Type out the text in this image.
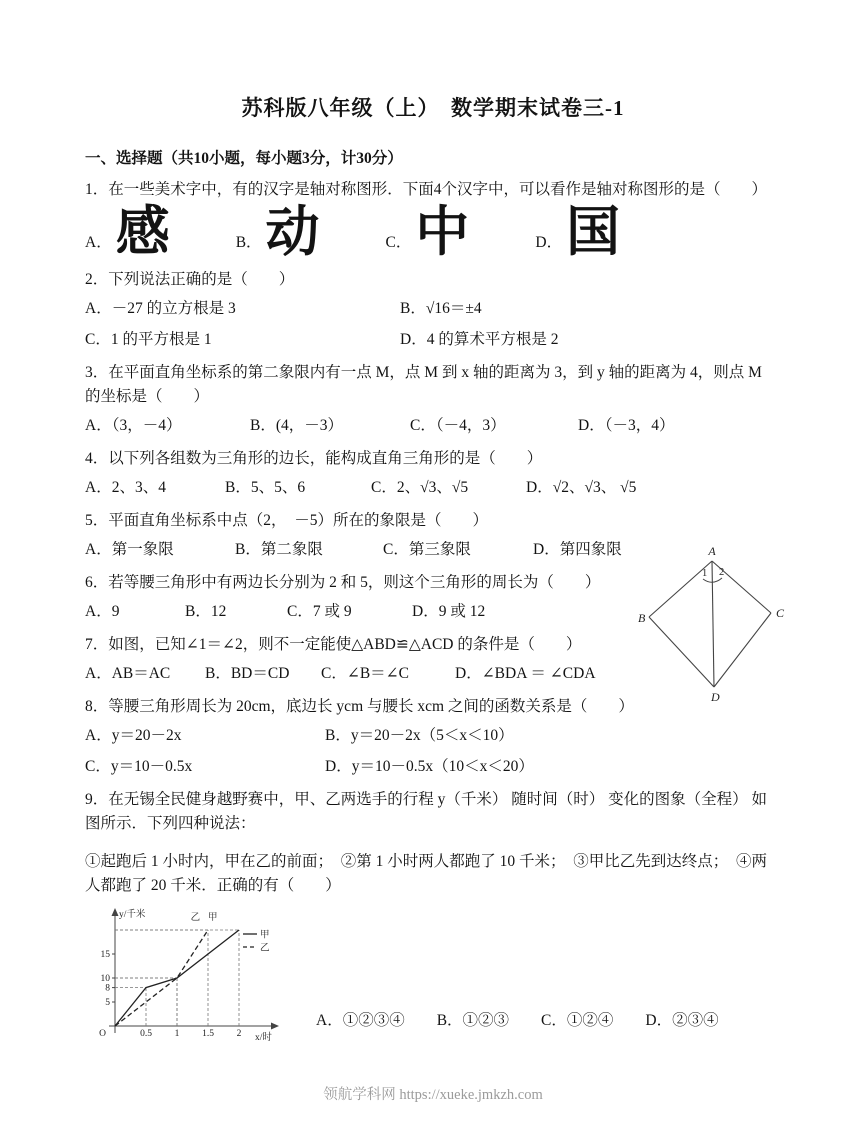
苏科版八年级（上）　数学期末试卷三-1
一、选择题（共10小题，每小题3分，计30分）

1．在一些美术字中，有的汉字是轴对称图形．下面4个汉字中，可以看作是轴对称图形的是（　　）

A． 感	B． 动	C． 中	D． 国

2．下列说法正确的是（　　）

A．－27 的立方根是 3	B．√16＝±4
C．1 的平方根是 1	D．4 的算术平方根是 2

3．在平面直角坐标系的第二象限内有一点 M，点 M 到 x 轴的距离为 3，到 y 轴的距离为 4，则点 M 的坐标是（　　）

A．（3，－4）	B．(4，－3）	C．（－4，3）	D．（－3，4）

4．以下列各组数为三角形的边长，能构成直角三角形的是（　　）

A．2、3、4	B．5、5、6	C．2、√3、√5	D．√2、√3、 √5

5．平面直角坐标系中点（2，　－5）所在的象限是（　　）

A．第一象限	B．第二象限	C．第三象限	D．第四象限	A
B	C
D
1 2

6．若等腰三角形中有两边长分别为 2 和 5，则这个三角形的周长为（　　）

A．9	B．12	C．7 或 9	D．9 或 12

7．如图，已知∠1＝∠2，则不一定能使△ABD≌△ACD 的条件是（　　）

A．AB＝AC	B．BD＝CD	C．∠B＝∠C	D．∠BDA ＝ ∠CDA

8．等腰三角形周长为 20cm，底边长 ycm 与腰长 xcm 之间的函数关系是（　　）

A．y＝20－2x	B．y＝20－2x（5＜x＜10）
C．y＝10－0.5x	D．y＝10－0.5x（10＜x＜20）

9．在无锡全民健身越野赛中，甲、乙两选手的行程 y（千米） 随时间（时） 变化的图象（全程） 如图所示．下列四种说法：

①起跑后 1 小时内，甲在乙的前面；　②第 1 小时两人都跑了 10 千米；　③甲比乙先到达终点；　④两人都跑了 20 千米．正确的有（　　）

y/千米
x/时
O
15
10
8
5
0.5 1 1.5 2
乙 甲
甲
乙
A．①②③④ B．①②③ C．①②④ D．②③④
领航学科网 https://xueke.jmkzh.com
